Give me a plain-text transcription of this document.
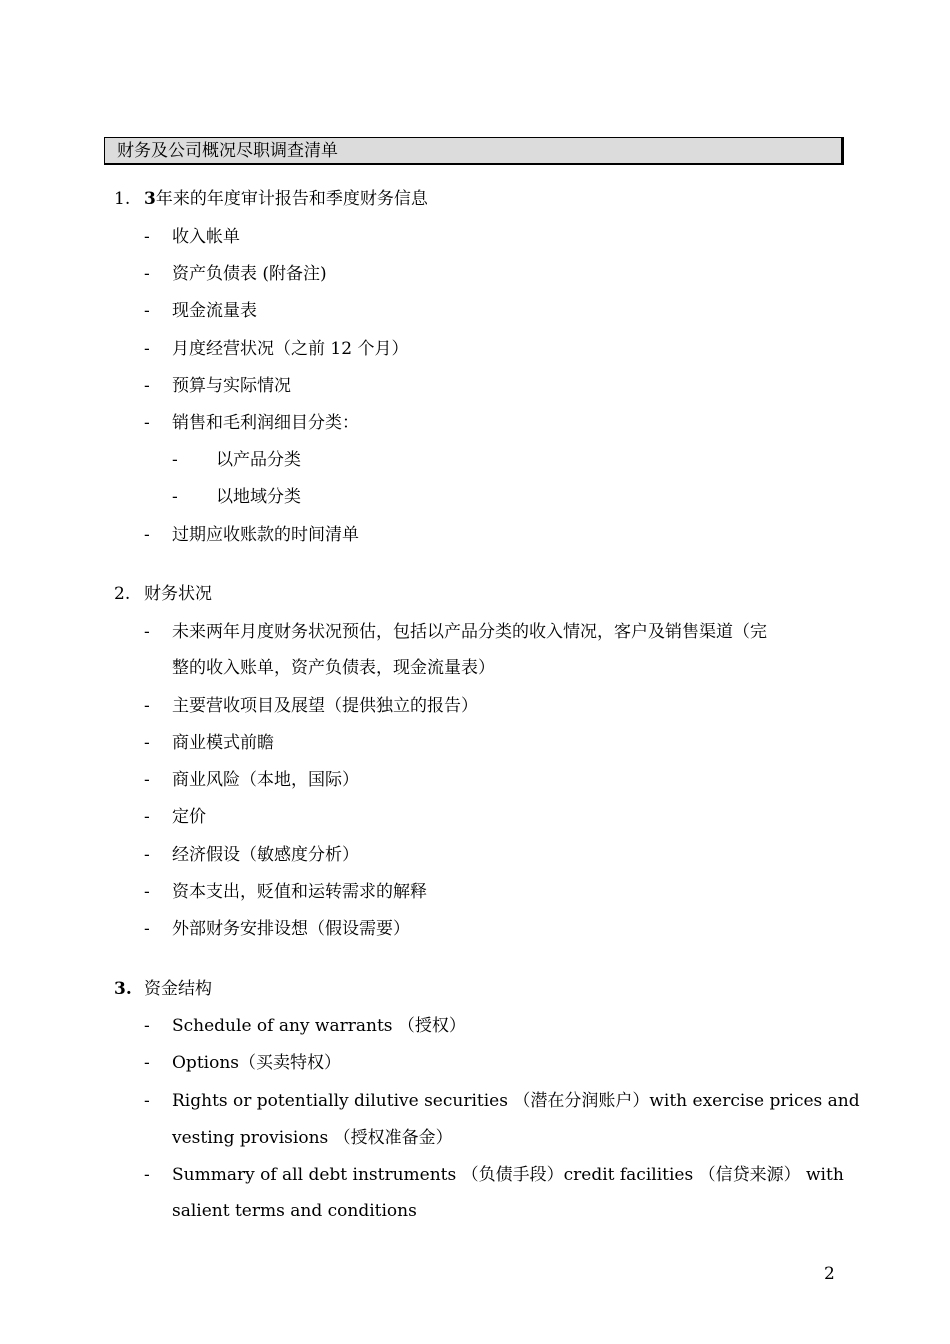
财务及公司概况尽职调查清单
1. 3年来的年度审计报告和季度财务信息
- 收入帐单
- 资产负债表 (附备注)
- 现金流量表
- 月度经营状况（之前 12 个月）
- 预算与实际情况
- 销售和毛利润细目分类：
- 以产品分类
- 以地域分类
- 过期应收账款的时间清单
2. 财务状况
- 未来两年月度财务状况预估，包括以产品分类的收入情况，客户及销售渠道（完
整的收入账单，资产负债表，现金流量表）
- 主要营收项目及展望（提供独立的报告）
- 商业模式前瞻
- 商业风险（本地，国际）
- 定价
- 经济假设（敏感度分析）
- 资本支出，贬值和运转需求的解释
- 外部财务安排设想（假设需要）
3. 资金结构
- Schedule of any warrants （授权）
- Options（买卖特权）
- Rights or potentially dilutive securities （潜在分润账户）with exercise prices and
vesting provisions （授权准备金）
- Summary of all debt instruments （负债手段）credit facilities （信贷来源） with
salient terms and conditions
2
